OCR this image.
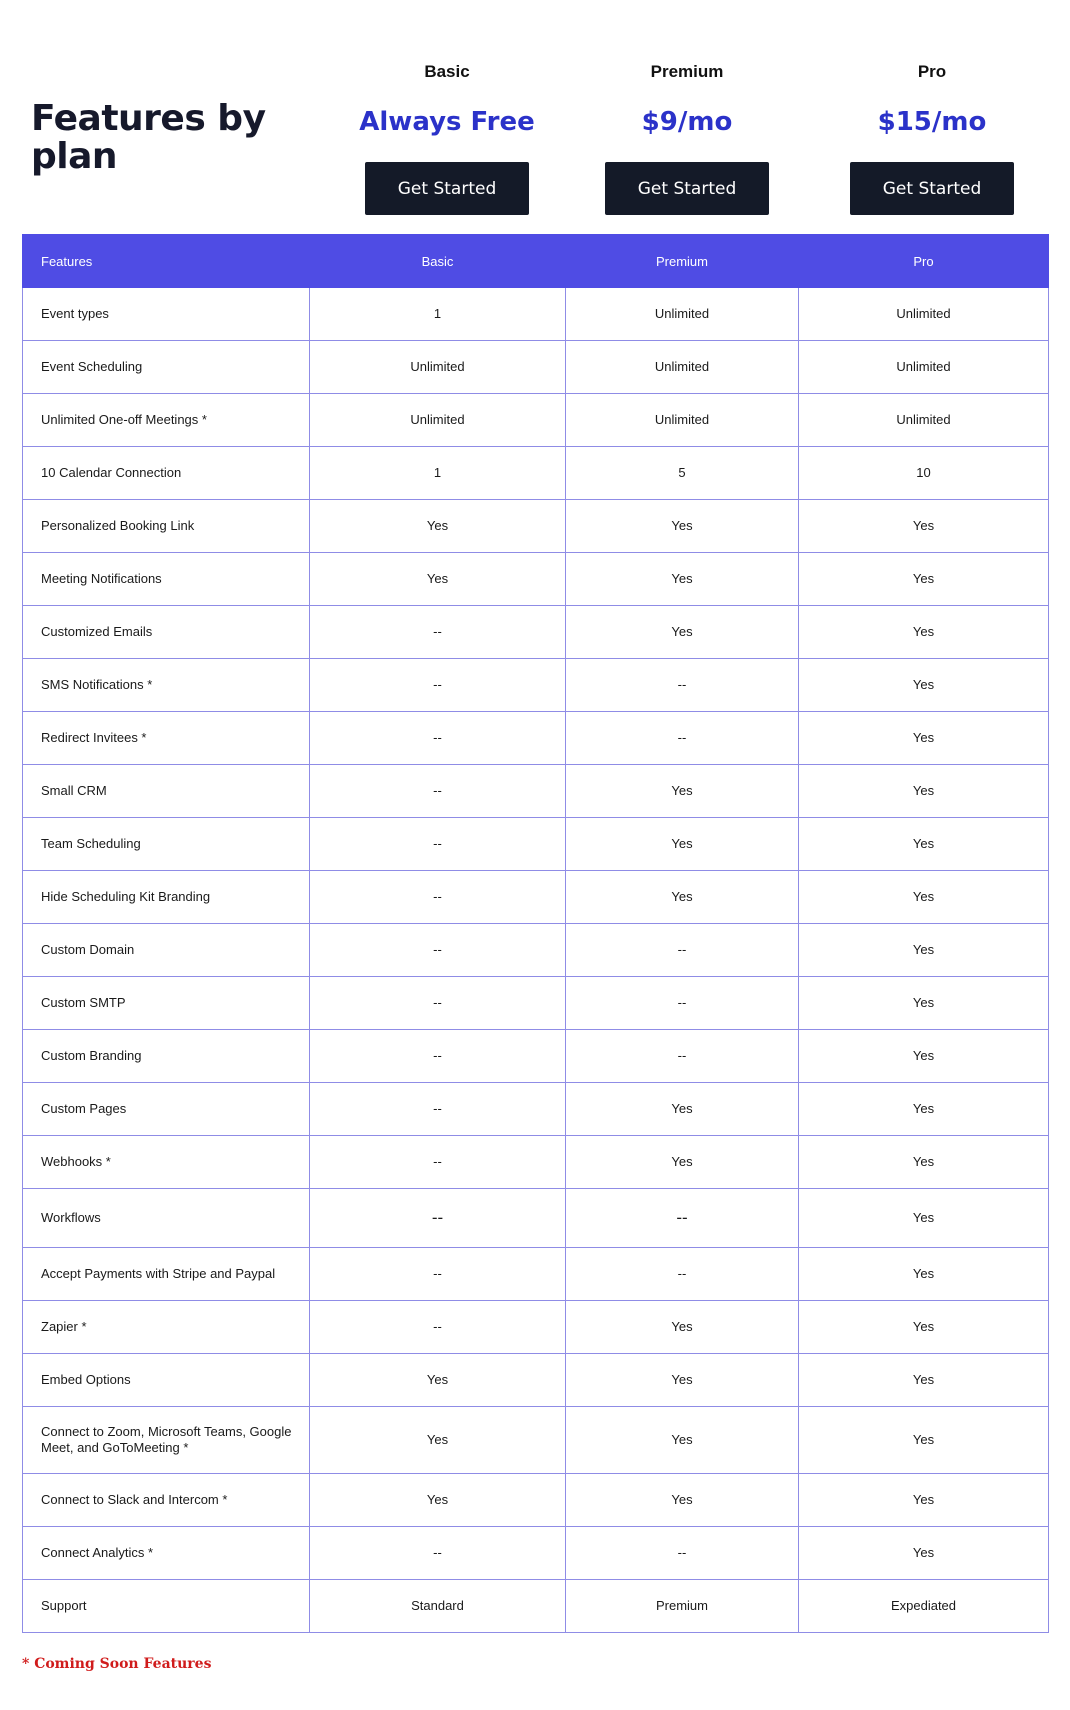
Features by plan
Basic
Always Free
Get Started
Premium
$9/mo
Get Started
Pro
$15/mo
Get Started
Features	Basic	Premium	Pro
Event types	1	Unlimited	Unlimited
Event Scheduling	Unlimited	Unlimited	Unlimited
Unlimited One-off Meetings *	Unlimited	Unlimited	Unlimited
10 Calendar Connection	1	5	10
Personalized Booking Link	Yes	Yes	Yes
Meeting Notifications	Yes	Yes	Yes
Customized Emails	--	Yes	Yes
SMS Notifications *	--	--	Yes
Redirect Invitees *	--	--	Yes
Small CRM	--	Yes	Yes
Team Scheduling	--	Yes	Yes
Hide Scheduling Kit Branding	--	Yes	Yes
Custom Domain	--	--	Yes
Custom SMTP	--	--	Yes
Custom Branding	--	--	Yes
Custom Pages	--	Yes	Yes
Webhooks *	--	Yes	Yes
Workflows	--	--	Yes
Accept Payments with Stripe and Paypal	--	--	Yes
Zapier *	--	Yes	Yes
Embed Options	Yes	Yes	Yes
Connect to Zoom, Microsoft Teams, Google Meet, and GoToMeeting *	Yes	Yes	Yes
Connect to Slack and Intercom *	Yes	Yes	Yes
Connect Analytics *	--	--	Yes
Support	Standard	Premium	Expediated

* Coming Soon Features
